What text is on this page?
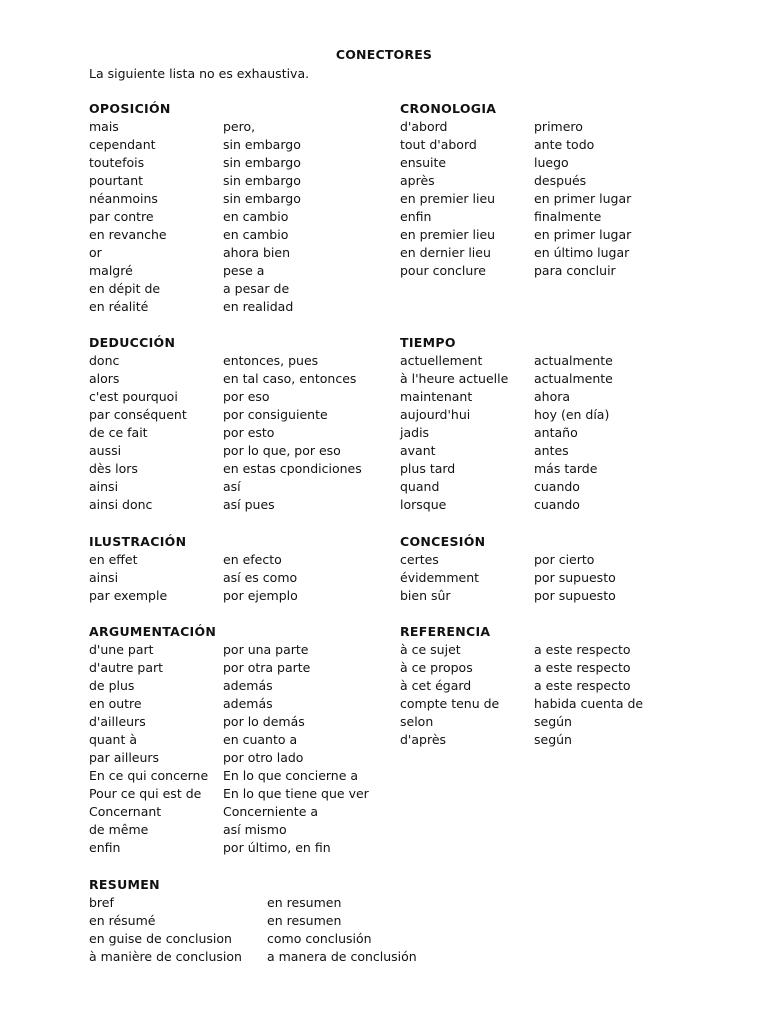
CONECTORES
La siguiente lista no es exhaustiva.
OPOSICIÓN
mais	pero,
cependant	sin embargo
toutefois	sin embargo
pourtant	sin embargo
néanmoins	sin embargo
par contre	en cambio
en revanche	en cambio
or	ahora bien
malgré	pese a
en dépit de	a pesar de
en réalité	en realidad
CRONOLOGIA
d'abord	primero
tout d'abord	ante todo
ensuite	luego
après	después
en premier lieu	en primer lugar
enfin	finalmente
en premier lieu	en primer lugar
en dernier lieu	en último lugar
pour conclure	para concluir
DEDUCCIÓN
donc	entonces, pues
alors	en tal caso, entonces
c'est pourquoi	por eso
par conséquent	por consiguiente
de ce fait	por esto
aussi	por lo que, por eso
dès lors	en estas cpondiciones
ainsi	así
ainsi donc	así pues
TIEMPO
actuellement	actualmente
à l'heure actuelle	actualmente
maintenant	ahora
aujourd'hui	hoy (en día)
jadis	antaño
avant	antes
plus tard	más tarde
quand	cuando
lorsque	cuando
ILUSTRACIÓN
en effet	en efecto
ainsi	así es como
par exemple	por ejemplo
CONCESIÓN
certes	por cierto
évidemment	por supuesto
bien sûr	por supuesto
ARGUMENTACIÓN
d'une part	por una parte
d'autre part	por otra parte
de plus	además
en outre	además
d'ailleurs	por lo demás
quant à	en cuanto a
par ailleurs	por otro lado
En ce qui concerne	En lo que concierne a
Pour ce qui est de	En lo que tiene que ver
Concernant	Concerniente a
de même	así mismo
enfin	por último, en fin
REFERENCIA
à ce sujet	a este respecto
à ce propos	a este respecto
à cet égard	a este respecto
compte tenu de	habida cuenta de
selon	según
d'après	según
RESUMEN
bref	en resumen
en résumé	en resumen
en guise de conclusion	como conclusión
à manière de conclusion	a manera de conclusión
